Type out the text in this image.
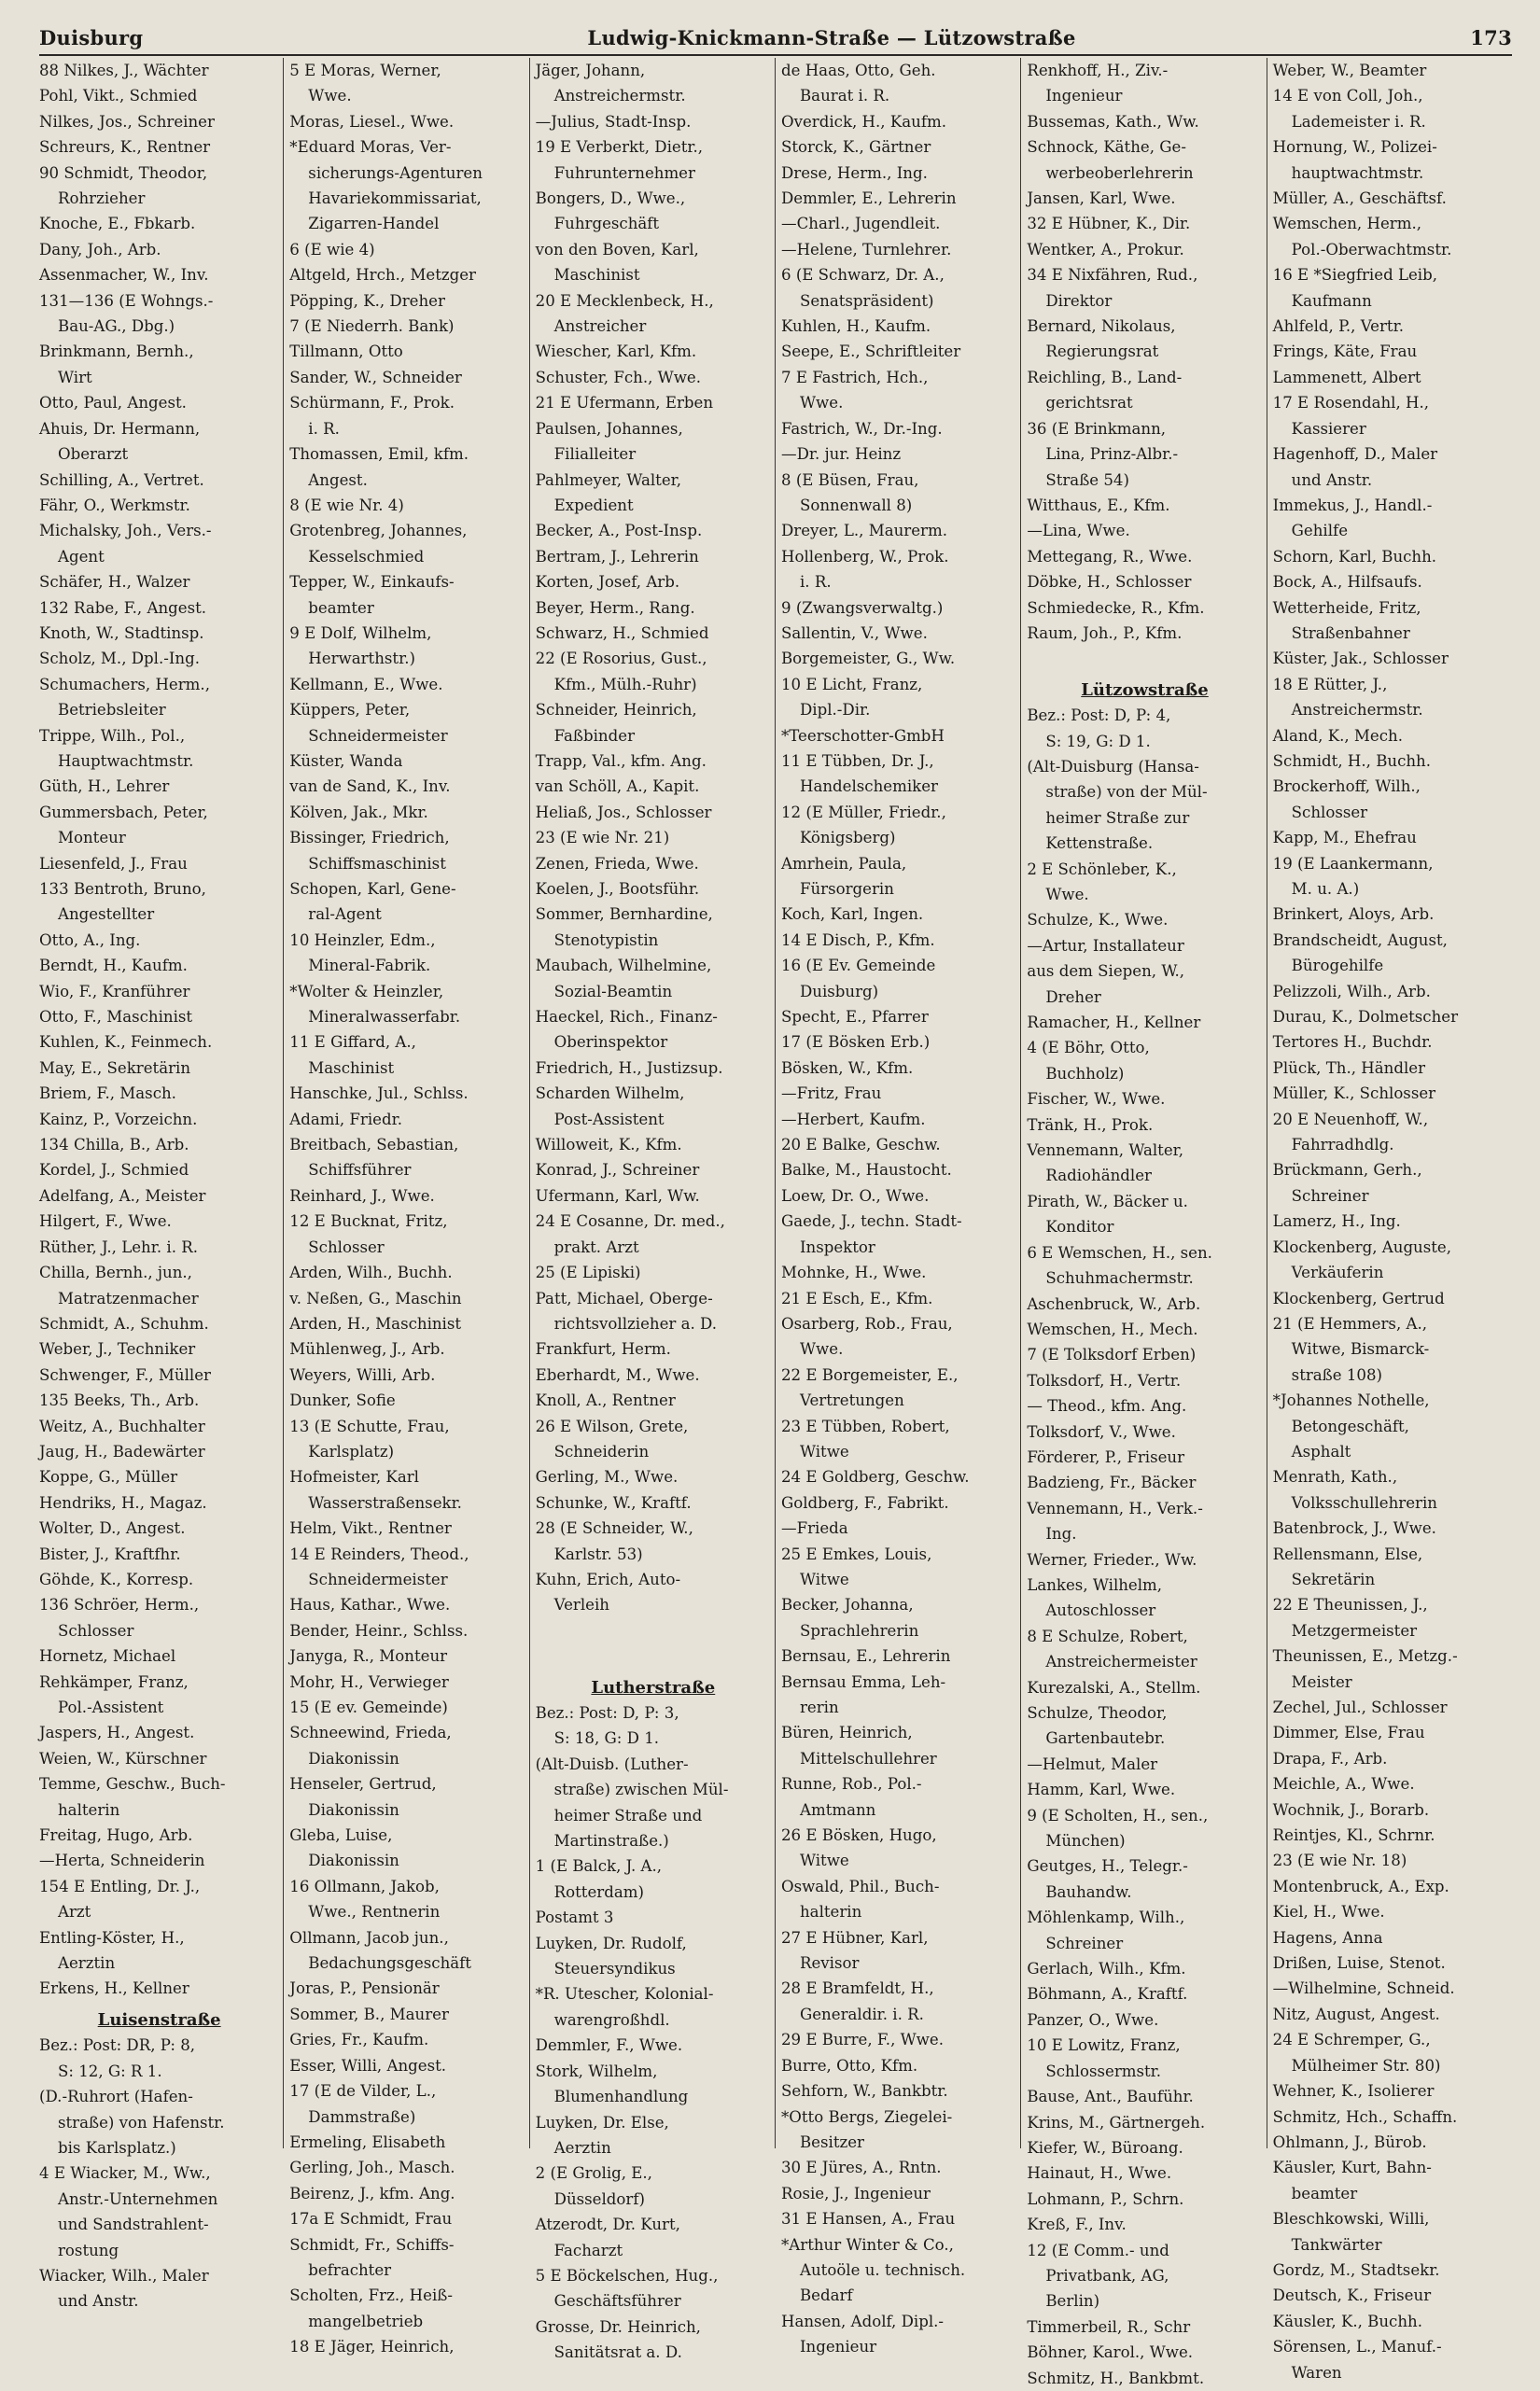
Duisburg	Ludwig-Knickmann-Straße — Lützowstraße	173
88 Nilkes, J., Wächter
Pohl, Vikt., Schmied
Nilkes, Jos., Schreiner
Schreurs, K., Rentner
90 Schmidt, Theodor,
Rohrzieher
Knoche, E., Fbkarb.
Dany, Joh., Arb.
Assenmacher, W., Inv.
131—136 (E Wohngs.-
Bau-AG., Dbg.)
Brinkmann, Bernh.,
Wirt
Otto, Paul, Angest.
Ahuis, Dr. Hermann,
Oberarzt
Schilling, A., Vertret.
Fähr, O., Werkmstr.
Michalsky, Joh., Vers.-
Agent
Schäfer, H., Walzer
132 Rabe, F., Angest.
Knoth, W., Stadtinsp.
Scholz, M., Dpl.-Ing.
Schumachers, Herm.,
Betriebsleiter
Trippe, Wilh., Pol.,
Hauptwachtmstr.
Güth, H., Lehrer
Gummersbach, Peter,
Monteur
Liesenfeld, J., Frau
133 Bentroth, Bruno,
Angestellter
Otto, A., Ing.
Berndt, H., Kaufm.
Wio, F., Kranführer
Otto, F., Maschinist
Kuhlen, K., Feinmech.
May, E., Sekretärin
Briem, F., Masch.
Kainz, P., Vorzeichn.
134 Chilla, B., Arb.
Kordel, J., Schmied
Adelfang, A., Meister
Hilgert, F., Wwe.
Rüther, J., Lehr. i. R.
Chilla, Bernh., jun.,
Matratzenmacher
Schmidt, A., Schuhm.
Weber, J., Techniker
Schwenger, F., Müller
135 Beeks, Th., Arb.
Weitz, A., Buchhalter
Jaug, H., Badewärter
Koppe, G., Müller
Hendriks, H., Magaz.
Wolter, D., Angest.
Bister, J., Kraftfhr.
Göhde, K., Korresp.
136 Schröer, Herm.,
Schlosser
Hornetz, Michael
Rehkämper, Franz,
Pol.-Assistent
Jaspers, H., Angest.
Weien, W., Kürschner
Temme, Geschw., Buch-
halterin
Freitag, Hugo, Arb.
—Herta, Schneiderin
154 E Entling, Dr. J.,
Arzt
Entling-Köster, H.,
Aerztin
Erkens, H., Kellner
Luisenstraße
Bez.: Post: DR, P: 8,
S: 12, G: R 1.
(D.-Ruhrort (Hafen-
straße) von Hafenstr.
bis Karlsplatz.)
4 E Wiacker, M., Ww.,
Anstr.-Unternehmen
und Sandstrahlent-
rostung
Wiacker, Wilh., Maler
und Anstr.
5 E Moras, Werner,
Wwe.
Moras, Liesel., Wwe.
*Eduard Moras, Ver-
sicherungs-Agenturen
Havariekommissariat,
Zigarren-Handel
6 (E wie 4)
Altgeld, Hrch., Metzger
Pöpping, K., Dreher
7 (E Niederrh. Bank)
Tillmann, Otto
Sander, W., Schneider
Schürmann, F., Prok.
i. R.
Thomassen, Emil, kfm.
Angest.
8 (E wie Nr. 4)
Grotenbreg, Johannes,
Kesselschmied
Tepper, W., Einkaufs-
beamter
9 E Dolf, Wilhelm,
Herwarthstr.)
Kellmann, E., Wwe.
Küppers, Peter,
Schneidermeister
Küster, Wanda
van de Sand, K., Inv.
Kölven, Jak., Mkr.
Bissinger, Friedrich,
Schiffsmaschinist
Schopen, Karl, Gene-
ral-Agent
10 Heinzler, Edm.,
Mineral-Fabrik.
*Wolter & Heinzler,
Mineralwasserfabr.
11 E Giffard, A.,
Maschinist
Hanschke, Jul., Schlss.
Adami, Friedr.
Breitbach, Sebastian,
Schiffsführer
Reinhard, J., Wwe.
12 E Bucknat, Fritz,
Schlosser
Arden, Wilh., Buchh.
v. Neßen, G., Maschin
Arden, H., Maschinist
Mühlenweg, J., Arb.
Weyers, Willi, Arb.
Dunker, Sofie
13 (E Schutte, Frau,
Karlsplatz)
Hofmeister, Karl
Wasserstraßensekr.
Helm, Vikt., Rentner
14 E Reinders, Theod.,
Schneidermeister
Haus, Kathar., Wwe.
Bender, Heinr., Schlss.
Janyga, R., Monteur
Mohr, H., Verwieger
15 (E ev. Gemeinde)
Schneewind, Frieda,
Diakonissin
Henseler, Gertrud,
Diakonissin
Gleba, Luise,
Diakonissin
16 Ollmann, Jakob,
Wwe., Rentnerin
Ollmann, Jacob jun.,
Bedachungsgeschäft
Joras, P., Pensionär
Sommer, B., Maurer
Gries, Fr., Kaufm.
Esser, Willi, Angest.
17 (E de Vilder, L.,
Dammstraße)
Ermeling, Elisabeth
Gerling, Joh., Masch.
Beirenz, J., kfm. Ang.
17a E Schmidt, Frau
Schmidt, Fr., Schiffs-
befrachter
Scholten, Frz., Heiß-
mangelbetrieb
18 E Jäger, Heinrich,
Jäger, Johann,
Anstreichermstr.
—Julius, Stadt-Insp.
19 E Verberkt, Dietr.,
Fuhrunternehmer
Bongers, D., Wwe.,
Fuhrgeschäft
von den Boven, Karl,
Maschinist
20 E Mecklenbeck, H.,
Anstreicher
Wiescher, Karl, Kfm.
Schuster, Fch., Wwe.
21 E Ufermann, Erben
Paulsen, Johannes,
Filialleiter
Pahlmeyer, Walter,
Expedient
Becker, A., Post-Insp.
Bertram, J., Lehrerin
Korten, Josef, Arb.
Beyer, Herm., Rang.
Schwarz, H., Schmied
22 (E Rosorius, Gust.,
Kfm., Mülh.-Ruhr)
Schneider, Heinrich,
Faßbinder
Trapp, Val., kfm. Ang.
van Schöll, A., Kapit.
Heliaß, Jos., Schlosser
23 (E wie Nr. 21)
Zenen, Frieda, Wwe.
Koelen, J., Bootsführ.
Sommer, Bernhardine,
Stenotypistin
Maubach, Wilhelmine,
Sozial-Beamtin
Haeckel, Rich., Finanz-
Oberinspektor
Friedrich, H., Justizsup.
Scharden Wilhelm,
Post-Assistent
Willoweit, K., Kfm.
Konrad, J., Schreiner
Ufermann, Karl, Ww.
24 E Cosanne, Dr. med.,
prakt. Arzt
25 (E Lipiski)
Patt, Michael, Oberge-
richtsvollzieher a. D.
Frankfurt, Herm.
Eberhardt, M., Wwe.
Knoll, A., Rentner
26 E Wilson, Grete,
Schneiderin
Gerling, M., Wwe.
Schunke, W., Kraftf.
28 (E Schneider, W.,
Karlstr. 53)
Kuhn, Erich, Auto-
Verleih

Lutherstraße
Bez.: Post: D, P: 3,
S: 18, G: D 1.
(Alt-Duisb. (Luther-
straße) zwischen Mül-
heimer Straße und
Martinstraße.)
1 (E Balck, J. A.,
Rotterdam)
Postamt 3
Luyken, Dr. Rudolf,
Steuersyndikus
*R. Utescher, Kolonial-
warengroßhdl.
Demmler, F., Wwe.
Stork, Wilhelm,
Blumenhandlung
Luyken, Dr. Else,
Aerztin
2 (E Grolig, E.,
Düsseldorf)
Atzerodt, Dr. Kurt,
Facharzt
5 E Böckelschen, Hug.,
Geschäftsführer
Grosse, Dr. Heinrich,
Sanitätsrat a. D.
de Haas, Otto, Geh.
Baurat i. R.
Overdick, H., Kaufm.
Storck, K., Gärtner
Drese, Herm., Ing.
Demmler, E., Lehrerin
—Charl., Jugendleit.
—Helene, Turnlehrer.
6 (E Schwarz, Dr. A.,
Senatspräsident)
Kuhlen, H., Kaufm.
Seepe, E., Schriftleiter
7 E Fastrich, Hch.,
Wwe.
Fastrich, W., Dr.-Ing.
—Dr. jur. Heinz
8 (E Büsen, Frau,
Sonnenwall 8)
Dreyer, L., Maurerm.
Hollenberg, W., Prok.
i. R.
9 (Zwangsverwaltg.)
Sallentin, V., Wwe.
Borgemeister, G., Ww.
10 E Licht, Franz,
Dipl.-Dir.
*Teerschotter-GmbH
11 E Tübben, Dr. J.,
Handelschemiker
12 (E Müller, Friedr.,
Königsberg)
Amrhein, Paula,
Fürsorgerin
Koch, Karl, Ingen.
14 E Disch, P., Kfm.
16 (E Ev. Gemeinde
Duisburg)
Specht, E., Pfarrer
17 (E Bösken Erb.)
Bösken, W., Kfm.
—Fritz, Frau
—Herbert, Kaufm.
20 E Balke, Geschw.
Balke, M., Haustocht.
Loew, Dr. O., Wwe.
Gaede, J., techn. Stadt-
Inspektor
Mohnke, H., Wwe.
21 E Esch, E., Kfm.
Osarberg, Rob., Frau,
Wwe.
22 E Borgemeister, E.,
Vertretungen
23 E Tübben, Robert,
Witwe
24 E Goldberg, Geschw.
Goldberg, F., Fabrikt.
—Frieda
25 E Emkes, Louis,
Witwe
Becker, Johanna,
Sprachlehrerin
Bernsau, E., Lehrerin
Bernsau Emma, Leh-
rerin
Büren, Heinrich,
Mittelschullehrer
Runne, Rob., Pol.-
Amtmann
26 E Bösken, Hugo,
Witwe
Oswald, Phil., Buch-
halterin
27 E Hübner, Karl,
Revisor
28 E Bramfeldt, H.,
Generaldir. i. R.
29 E Burre, F., Wwe.
Burre, Otto, Kfm.
Sehforn, W., Bankbtr.
*Otto Bergs, Ziegelei-
Besitzer
30 E Jüres, A., Rntn.
Rosie, J., Ingenieur
31 E Hansen, A., Frau
*Arthur Winter & Co.,
Autoöle u. technisch.
Bedarf
Hansen, Adolf, Dipl.-
Ingenieur
Renkhoff, H., Ziv.-
Ingenieur
Bussemas, Kath., Ww.
Schnock, Käthe, Ge-
werbeoberlehrerin
Jansen, Karl, Wwe.
32 E Hübner, K., Dir.
Wentker, A., Prokur.
34 E Nixfähren, Rud.,
Direktor
Bernard, Nikolaus,
Regierungsrat
Reichling, B., Land-
gerichtsrat
36 (E Brinkmann,
Lina, Prinz-Albr.-
Straße 54)
Witthaus, E., Kfm.
—Lina, Wwe.
Mettegang, R., Wwe.
Döbke, H., Schlosser
Schmiedecke, R., Kfm.
Raum, Joh., P., Kfm.

Lützowstraße
Bez.: Post: D, P: 4,
S: 19, G: D 1.
(Alt-Duisburg (Hansa-
straße) von der Mül-
heimer Straße zur
Kettenstraße.
2 E Schönleber, K.,
Wwe.
Schulze, K., Wwe.
—Artur, Installateur
aus dem Siepen, W.,
Dreher
Ramacher, H., Kellner
4 (E Böhr, Otto,
Buchholz)
Fischer, W., Wwe.
Tränk, H., Prok.
Vennemann, Walter,
Radiohändler
Pirath, W., Bäcker u.
Konditor
6 E Wemschen, H., sen.
Schuhmachermstr.
Aschenbruck, W., Arb.
Wemschen, H., Mech.
7 (E Tolksdorf Erben)
Tolksdorf, H., Vertr.
— Theod., kfm. Ang.
Tolksdorf, V., Wwe.
Förderer, P., Friseur
Badzieng, Fr., Bäcker
Vennemann, H., Verk.-
Ing.
Werner, Frieder., Ww.
Lankes, Wilhelm,
Autoschlosser
8 E Schulze, Robert,
Anstreichermeister
Kurezalski, A., Stellm.
Schulze, Theodor,
Gartenbautebr.
—Helmut, Maler
Hamm, Karl, Wwe.
9 (E Scholten, H., sen.,
München)
Geutges, H., Telegr.-
Bauhandw.
Möhlenkamp, Wilh.,
Schreiner
Gerlach, Wilh., Kfm.
Böhmann, A., Kraftf.
Panzer, O., Wwe.
10 E Lowitz, Franz,
Schlossermstr.
Bause, Ant., Bauführ.
Krins, M., Gärtnergeh.
Kiefer, W., Büroang.
Hainaut, H., Wwe.
Lohmann, P., Schrn.
Kreß, F., Inv.
12 (E Comm.- und
Privatbank, AG,
Berlin)
Timmerbeil, R., Schr
Böhner, Karol., Wwe.
Schmitz, H., Bankbmt.
Weber, W., Beamter
14 E von Coll, Joh.,
Lademeister i. R.
Hornung, W., Polizei-
hauptwachtmstr.
Müller, A., Geschäftsf.
Wemschen, Herm.,
Pol.-Oberwachtmstr.
16 E *Siegfried Leib,
Kaufmann
Ahlfeld, P., Vertr.
Frings, Käte, Frau
Lammenett, Albert
17 E Rosendahl, H.,
Kassierer
Hagenhoff, D., Maler
und Anstr.
Immekus, J., Handl.-
Gehilfe
Schorn, Karl, Buchh.
Bock, A., Hilfsaufs.
Wetterheide, Fritz,
Straßenbahner
Küster, Jak., Schlosser
18 E Rütter, J.,
Anstreichermstr.
Aland, K., Mech.
Schmidt, H., Buchh.
Brockerhoff, Wilh.,
Schlosser
Kapp, M., Ehefrau
19 (E Laankermann,
M. u. A.)
Brinkert, Aloys, Arb.
Brandscheidt, August,
Bürogehilfe
Pelizzoli, Wilh., Arb.
Durau, K., Dolmetscher
Tertores H., Buchdr.
Plück, Th., Händler
Müller, K., Schlosser
20 E Neuenhoff, W.,
Fahrradhdlg.
Brückmann, Gerh.,
Schreiner
Lamerz, H., Ing.
Klockenberg, Auguste,
Verkäuferin
Klockenberg, Gertrud
21 (E Hemmers, A.,
Witwe, Bismarck-
straße 108)
*Johannes Nothelle,
Betongeschäft,
Asphalt
Menrath, Kath.,
Volksschullehrerin
Batenbrock, J., Wwe.
Rellensmann, Else,
Sekretärin
22 E Theunissen, J.,
Metzgermeister
Theunissen, E., Metzg.-
Meister
Zechel, Jul., Schlosser
Dimmer, Else, Frau
Drapa, F., Arb.
Meichle, A., Wwe.
Wochnik, J., Borarb.
Reintjes, Kl., Schrnr.
23 (E wie Nr. 18)
Montenbruck, A., Exp.
Kiel, H., Wwe.
Hagens, Anna
Drißen, Luise, Stenot.
—Wilhelmine, Schneid.
Nitz, August, Angest.
24 E Schremper, G.,
Mülheimer Str. 80)
Wehner, K., Isolierer
Schmitz, Hch., Schaffn.
Ohlmann, J., Bürob.
Käusler, Kurt, Bahn-
beamter
Bleschkowski, Willi,
Tankwärter
Gordz, M., Stadtsekr.
Deutsch, K., Friseur
Käusler, K., Buchh.
Sörensen, L., Manuf.-
Waren
